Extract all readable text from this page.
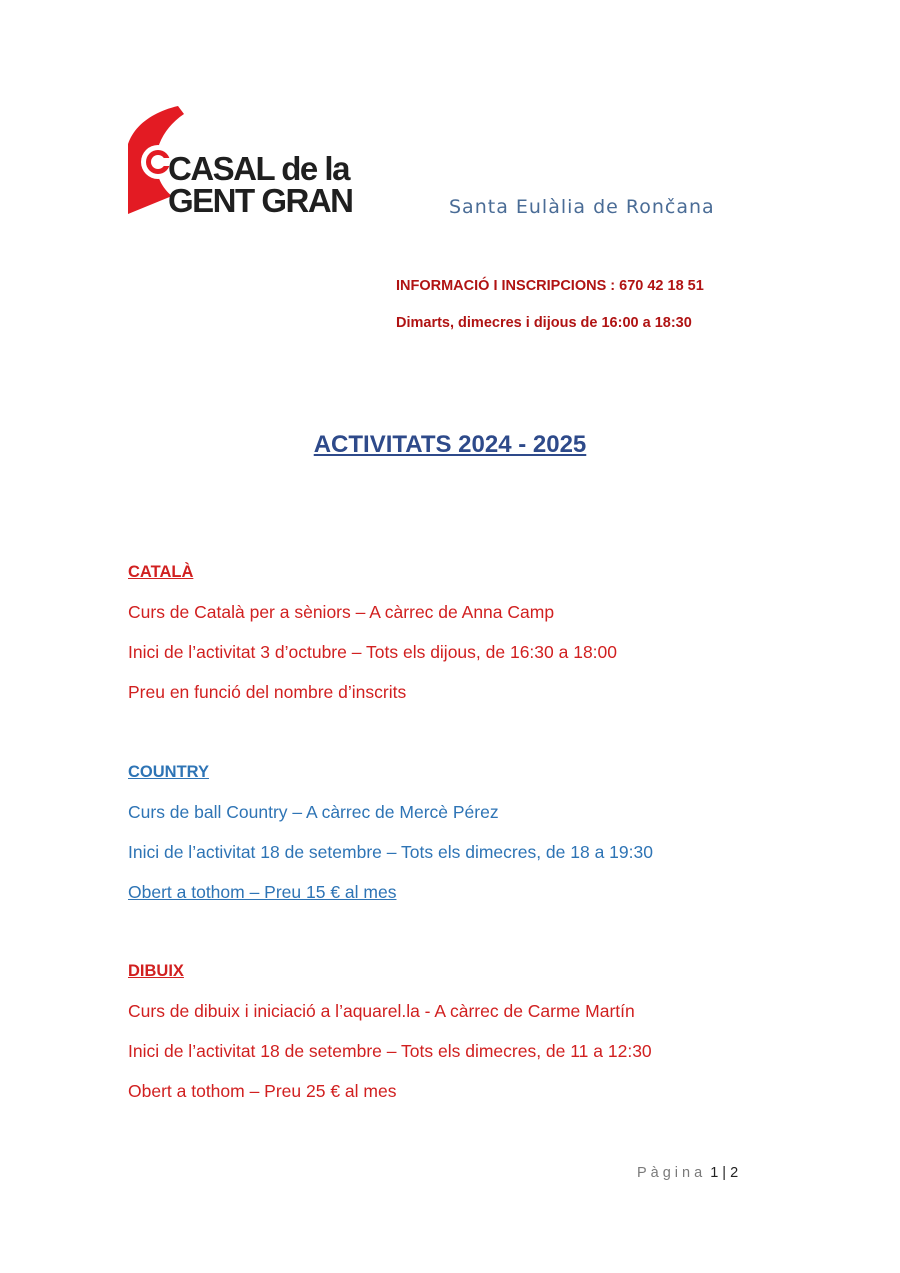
CASAL de la
GENT GRAN	Santa Eulàlia de Rončana
INFORMACIÓ I INSCRIPCIONS : 670 42 18 51
Dimarts, dimecres i dijous de 16:00 a 18:30
ACTIVITATS 2024 - 2025
CATALÀ
Curs de Català per a sèniors – A càrrec de Anna Camp
Inici de l’activitat 3 d’octubre – Tots els dijous, de 16:30 a 18:00
Preu en funció del nombre d’inscrits
COUNTRY
Curs de ball Country – A càrrec de Mercè Pérez
Inici de l’activitat 18 de setembre – Tots els dimecres, de 18 a 19:30
Obert a tothom – Preu 15 € al mes
DIBUIX
Curs de dibuix i iniciació a l’aquarel.la - A càrrec de Carme Martín
Inici de l’activitat 18 de setembre – Tots els dimecres, de 11 a 12:30
Obert a tothom – Preu 25 € al mes
Pàgina 1 | 2
